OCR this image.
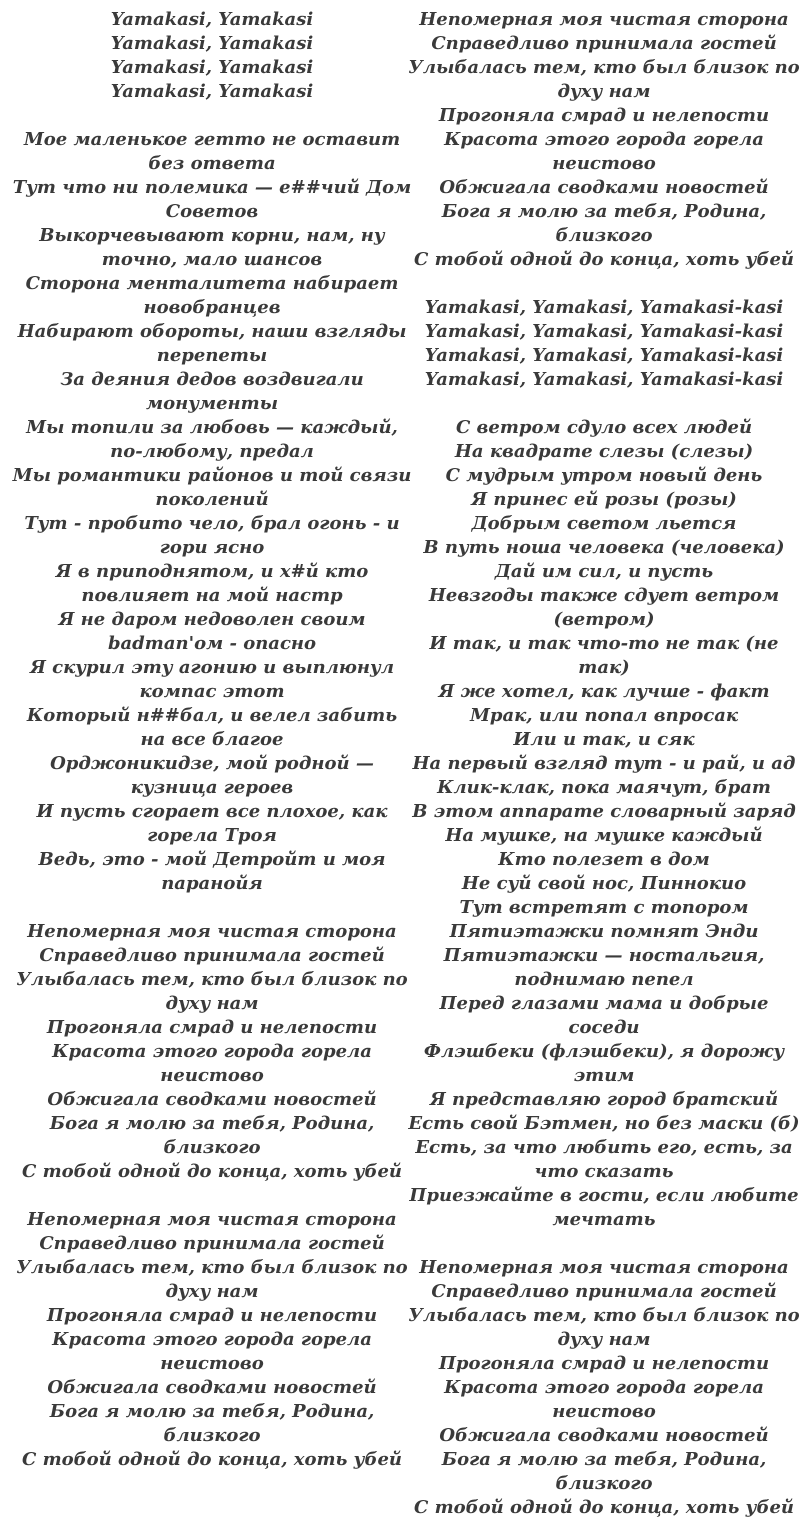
Yamakasi, Yamakasi
Yamakasi, Yamakasi
Yamakasi, Yamakasi
Yamakasi, Yamakasi
Мое маленькое гетто не оставит без ответа
Тут что ни полемика — е##чий Дом Советов
Выкорчевывают корни, нам, ну точно, мало шансов
Сторона менталитета набирает новобранцев
Набирают обороты, наши взгляды перепеты
За деяния дедов воздвигали монументы
Мы топили за любовь — каждый, по-любому, предал
Мы романтики районов и той связи поколений
Тут - пробито чело, брал огонь - и гори ясно
Я в приподнятом, и х#й кто повлияет на мой настр
Я не даром недоволен своим badman'ом - опасно
Я скурил эту агонию и выплюнул компас этот
Который н##бал, и велел забить на все благое
Орджоникидзе, мой родной — кузница героев
И пусть сгорает все плохое, как горела Троя
Ведь, это - мой Детройт и моя паранойя
Непомерная моя чистая сторона
Справедливо принимала гостей
Улыбалась тем, кто был близок по духу нам
Прогоняла смрад и нелепости
Красота этого города горела неистово
Обжигала сводками новостей
Бога я молю за тебя, Родина, близкого
С тобой одной до конца, хоть убей
Непомерная моя чистая сторона
Справедливо принимала гостей
Улыбалась тем, кто был близок по духу нам
Прогоняла смрад и нелепости
Красота этого города горела неистово
Обжигала сводками новостей
Бога я молю за тебя, Родина, близкого
С тобой одной до конца, хоть убей
Непомерная моя чистая сторона
Справедливо принимала гостей
Улыбалась тем, кто был близок по духу нам
Прогоняла смрад и нелепости
Красота этого города горела неистово
Обжигала сводками новостей
Бога я молю за тебя, Родина, близкого
С тобой одной до конца, хоть убей
Yamakasi, Yamakasi, Yamakasi-kasi
Yamakasi, Yamakasi, Yamakasi-kasi
Yamakasi, Yamakasi, Yamakasi-kasi
Yamakasi, Yamakasi, Yamakasi-kasi
С ветром сдуло всех людей
На квадрате слезы (слезы)
С мудрым утром новый день
Я принес ей розы (розы)
Добрым светом льется
В путь ноша человека (человека)
Дай им сил, и пусть
Невзгоды также сдует ветром (ветром)
И так, и так что-то не так (не так)
Я же хотел, как лучше - факт
Мрак, или попал впросак
Или и так, и сяк
На первый взгляд тут - и рай, и ад
Клик-клак, пока маячут, брат
В этом аппарате словарный заряд
На мушке, на мушке каждый
Кто полезет в дом
Не суй свой нос, Пиннокио
Тут встретят с топором
Пятиэтажки помнят Энди
Пятиэтажки — ностальгия, поднимаю пепел
Перед глазами мама и добрые соседи
Флэшбеки (флэшбеки), я дорожу этим
Я представляю город братский
Есть свой Бэтмен, но без маски (б)
Есть, за что любить его, есть, за что сказать
Приезжайте в гости, если любите мечтать
Непомерная моя чистая сторона
Справедливо принимала гостей
Улыбалась тем, кто был близок по духу нам
Прогоняла смрад и нелепости
Красота этого города горела неистово
Обжигала сводками новостей
Бога я молю за тебя, Родина, близкого
С тобой одной до конца, хоть убей
